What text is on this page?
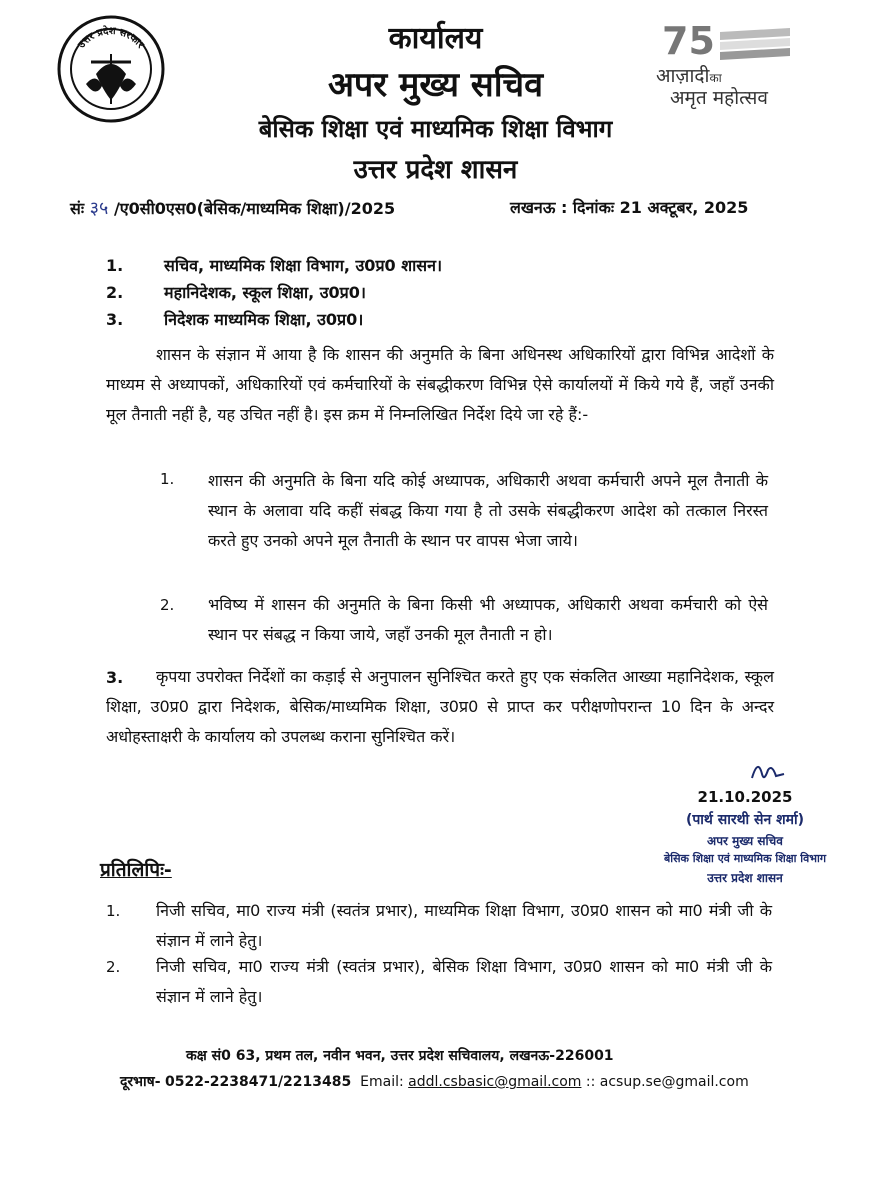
उत्तर प्रदेश सरकार	75
आज़ादीका
अमृत महोत्सव
कार्यालय
अपर मुख्य सचिव
बेसिक शिक्षा एवं माध्यमिक शिक्षा विभाग
उत्तर प्रदेश शासन
संः ३५ /ए0सी0एस0(बेसिक/माध्यमिक शिक्षा)/2025	लखनऊ : दिनांकः 21 अक्टूबर, 2025
1.	सचिव, माध्यमिक शिक्षा विभाग, उ0प्र0 शासन।
2.	महानिदेशक, स्कूल शिक्षा, उ0प्र0।
3.	निदेशक माध्यमिक शिक्षा, उ0प्र0।
शासन के संज्ञान में आया है कि शासन की अनुमति के बिना अधिनस्थ अधिकारियों द्वारा विभिन्न आदेशों के माध्यम से अध्यापकों, अधिकारियों एवं कर्मचारियों के संबद्धीकरण विभिन्न ऐसे कार्यालयों में किये गये हैं, जहाँ उनकी मूल तैनाती नहीं है, यह उचित नहीं है। इस क्रम में निम्नलिखित निर्देश दिये जा रहे हैं:-
1. शासन की अनुमति के बिना यदि कोई अध्यापक, अधिकारी अथवा कर्मचारी अपने मूल तैनाती के स्थान के अलावा यदि कहीं संबद्ध किया गया है तो उसके संबद्धीकरण आदेश को तत्काल निरस्त करते हुए उनको अपने मूल तैनाती के स्थान पर वापस भेजा जाये।
2. भविष्य में शासन की अनुमति के बिना किसी भी अध्यापक, अधिकारी अथवा कर्मचारी को ऐसे स्थान पर संबद्ध न किया जाये, जहाँ उनकी मूल तैनाती न हो।
3.	कृपया उपरोक्त निर्देशों का कड़ाई से अनुपालन सुनिश्चित करते हुए एक संकलित आख्या महानिदेशक, स्कूल शिक्षा, उ0प्र0 द्वारा निदेशक, बेसिक/माध्यमिक शिक्षा, उ0प्र0 से प्राप्त कर परीक्षणोपरान्त 10 दिन के अन्दर अधोहस्ताक्षरी के कार्यालय को उपलब्ध कराना सुनिश्चित करें।
21.10.2025
(पार्थ सारथी सेन शर्मा)
अपर मुख्य सचिव
बेसिक शिक्षा एवं माध्यमिक शिक्षा विभाग
उत्तर प्रदेश शासन
प्रतिलिपिः-
1. निजी सचिव, मा0 राज्य मंत्री (स्वतंत्र प्रभार), माध्यमिक शिक्षा विभाग, उ0प्र0 शासन को मा0 मंत्री जी के संज्ञान में लाने हेतु।
2. निजी सचिव, मा0 राज्य मंत्री (स्वतंत्र प्रभार), बेसिक शिक्षा विभाग, उ0प्र0 शासन को मा0 मंत्री जी के संज्ञान में लाने हेतु।
कक्ष सं0 63, प्रथम तल, नवीन भवन, उत्तर प्रदेश सचिवालय, लखनऊ-226001
दूरभाष- 0522-2238471/2213485 Email: addl.csbasic@gmail.com :: acsup.se@gmail.com
